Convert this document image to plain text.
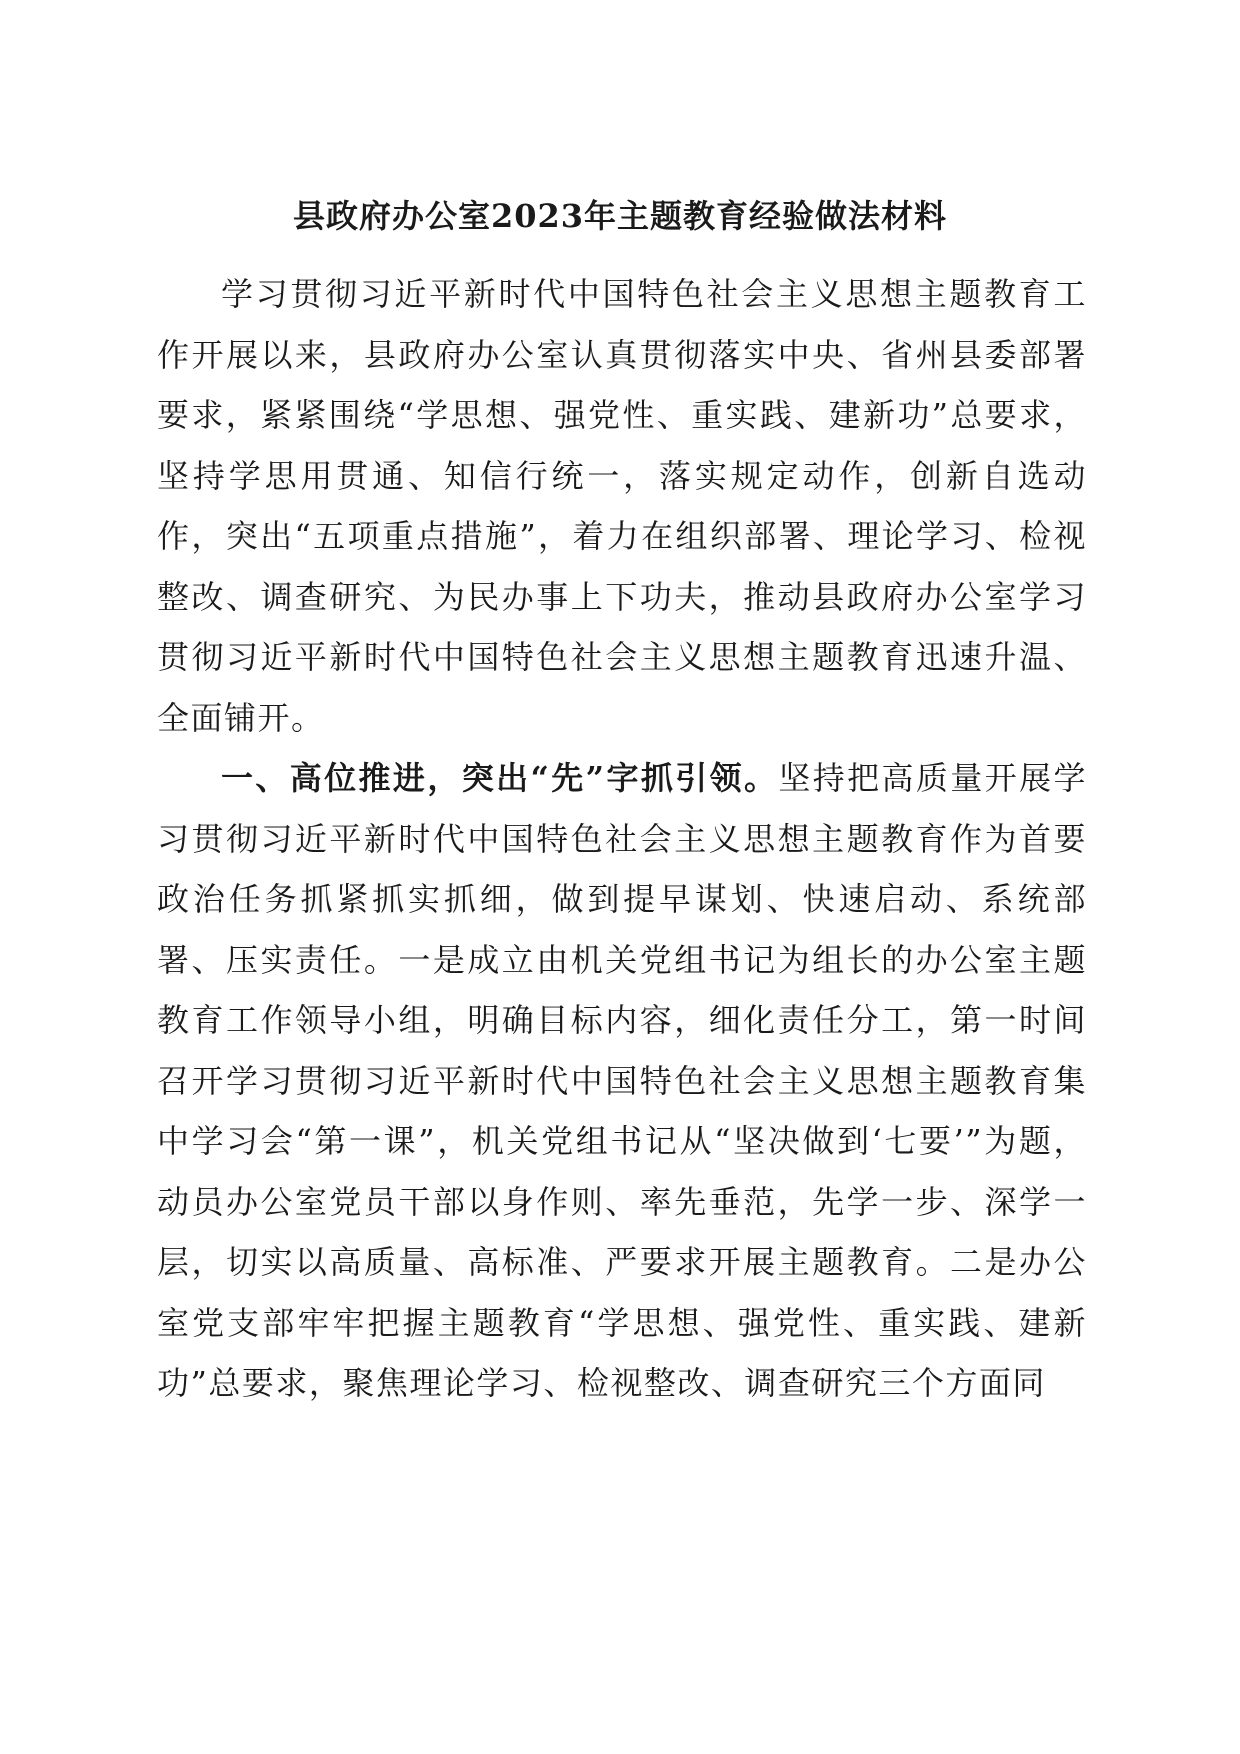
县政府办公室2023年主题教育经验做法材料

学习贯彻习近平新时代中国特色社会主义思想主题教育工作开展以来，县政府办公室认真贯彻落实中央、省州县委部署要求，紧紧围绕“学思想、强党性、重实践、建新功”总要求，坚持学思用贯通、知信行统一，落实规定动作，创新自选动作，突出“五项重点措施”，着力在组织部署、理论学习、检视整改、调查研究、为民办事上下功夫，推动县政府办公室学习贯彻习近平新时代中国特色社会主义思想主题教育迅速升温、全面铺开。

一、高位推进，突出“先”字抓引领。坚持把高质量开展学习贯彻习近平新时代中国特色社会主义思想主题教育作为首要政治任务抓紧抓实抓细，做到提早谋划、快速启动、系统部署、压实责任。一是成立由机关党组书记为组长的办公室主题教育工作领导小组，明确目标内容，细化责任分工，第一时间召开学习贯彻习近平新时代中国特色社会主义思想主题教育集中学习会“第一课”，机关党组书记从“坚决做到‘七要’”为题，动员办公室党员干部以身作则、率先垂范，先学一步、深学一层，切实以高质量、高标准、严要求开展主题教育。二是办公室党支部牢牢把握主题教育“学思想、强党性、重实践、建新功”总要求，聚焦理论学习、检视整改、调查研究三个方面同
